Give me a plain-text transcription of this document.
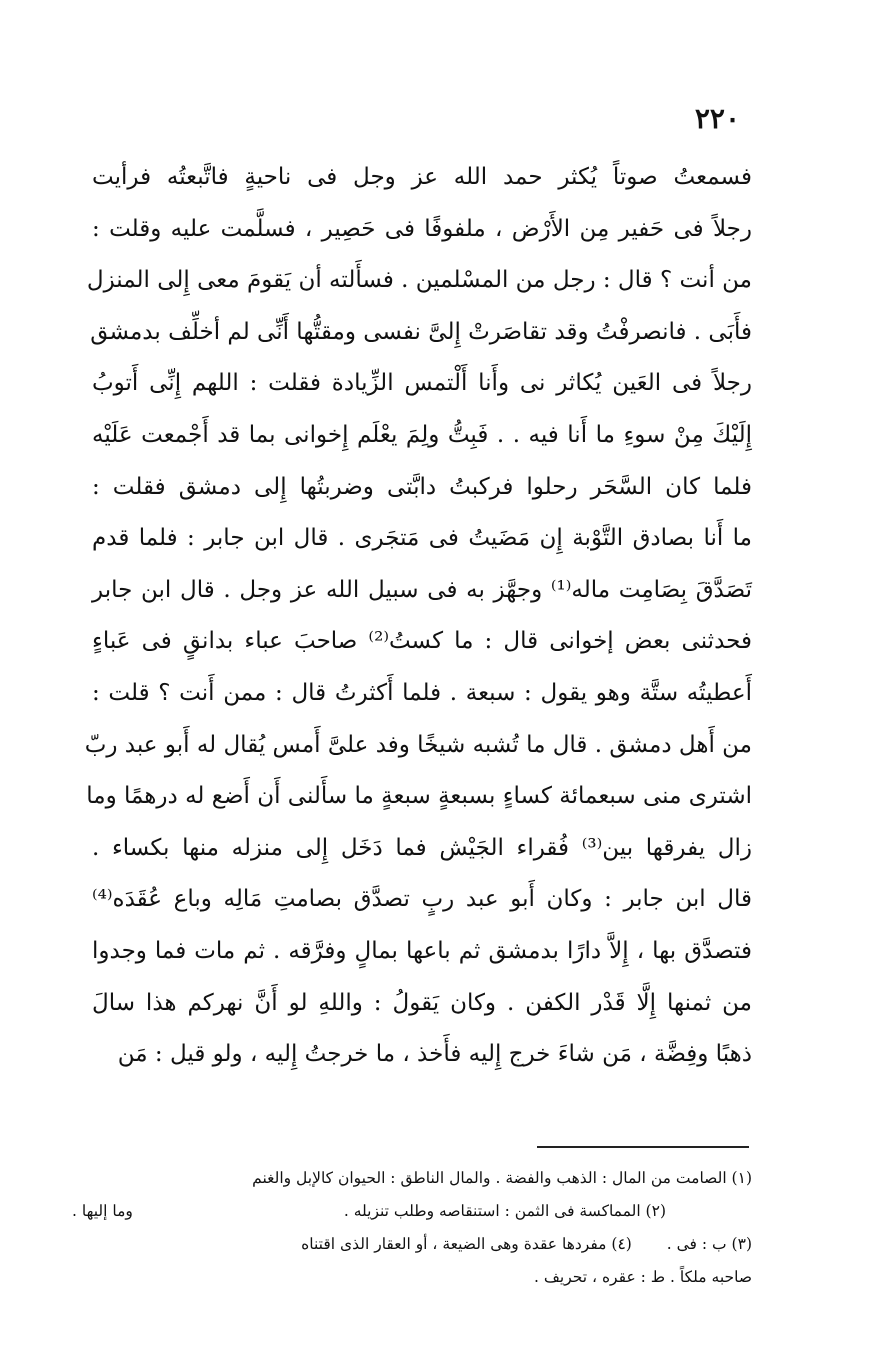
٢٢٠
فسمعتُ صوتاً يُكثر حمد الله عز وجل فى ناحيةٍ فاتَّبعتُه فرأيت
رجلاً فى حَفير مِن الأَرْض ، ملفوفًا فى حَصِير ، فسلَّمت عليه وقلت :
من أنت ؟ قال : رجل من المسْلمين . فسأَلته أن يَقومَ معى إِلى المنزل
فأَبَى . فانصرفْتُ وقد تقاصَرتْ إِلىَّ نفسى ومقتُّها أَنِّى لم أخلِّف بدمشق
رجلاً فى العَين يُكاثر نى وأَنا أَلْتمس الزِّيادة فقلت : اللهم إِنِّى أَتوبُ
إِلَيْكَ مِنْ سوءِ ما أَنا فيه . . فَبِتُّ ولِمَ يعْلَم إِخوانى بما قد أَجْمعت عَلَيْه
فلما كان السَّحَر رحلوا فركبتُ دابَّتى وضربتُها إِلى دمشق فقلت :
ما أَنا بصادق التَّوْبة إِن مَضَيتُ فى مَتجَرى . قال ابن جابر : فلما قدم
تَصَدَّقَ بِصَامِت ماله⁽¹⁾ وجهَّز به فى سبيل الله عز وجل . قال ابن جابر
فحدثنى بعض إخوانى قال : ما كستُ⁽²⁾ صاحبَ عباء بدانقٍ فى عَباءٍ
أَعطيتُه ستَّة وهو يقول : سبعة . فلما أَكثرتُ قال : ممن أَنت ؟ قلت :
من أَهل دمشق . قال ما تُشبه شيخًا وفد علىَّ أَمس يُقال له أَبو عبد ربّ
اشترى منى سبعمائة كساءٍ بسبعةٍ سبعةٍ ما سأَلنى أَن أَضع له درهمًا وما
زال يفرقها بين⁽³⁾ فُقراء الجَيْش فما دَخَل إِلى منزله منها بكساء .
قال ابن جابر : وكان أَبو عبد ربٍ تصدَّق بصامتِ مَالِه وباع عُقَدَه⁽⁴⁾
فتصدَّق بها ، إِلاَّ دارًا بدمشق ثم باعها بمالٍ وفرَّقه . ثم مات فما وجدوا
من ثمنها إِلَّا قَدْر الكفن . وكان يَقولُ : واللهِ لو أَنَّ نهركم هذا سالَ
ذهبًا وفِضَّة ، مَن شاءَ خرج إِليه فأَخذ ، ما خرجتُ إِليه ، ولو قيل : مَن
(١) الصامت من المال : الذهب والفضة . والمال الناطق : الحيوان كالإبل والغنم
وما إليها .	(٢) المماكسة فى الثمن : استنقاصه وطلب تنزيله .
(٣) ب : فى . (٤) مفردها عقدة وهى الضيعة ، أو العقار الذى اقتناه
صاحبه ملكاً . ط : عقره ، تحريف .
